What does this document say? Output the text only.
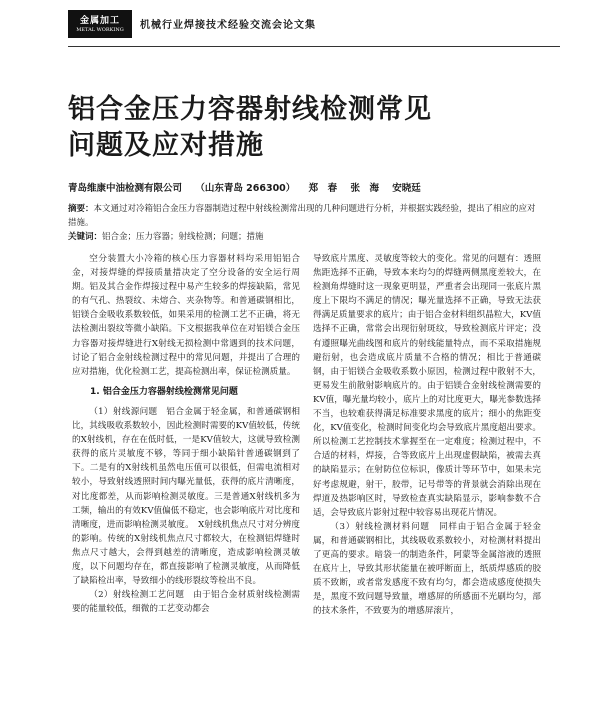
金属加工
METAL WORKING 机械行业焊接技术经验交流会论文集
铝合金压力容器射线检测常见
问题及应对措施
青岛维康中油检测有限公司 （山东青岛 266300） 郑　春 张　海 安晓廷
摘要：本文通过对冷箱铝合金压力容器制造过程中射线检测常出现的几种问题进行分析，并根据实践经验，提出了相应的应对措施。
关键词：铝合金；压力容器；射线检测；问题；措施

空分装置大小冷箱的核心压力容器材料均采用铝铝合金，对接焊缝的焊接质量措决定了空分设备的安全运行周期。铝及其合金作焊接过程中易产生较多的焊接缺陷，常见的有气孔、热裂纹、未熔合、夹杂物等。和普通碳钢相比，铝镁合金吸收系数较低，如果采用的检测工艺不正确，将无法检测出裂纹等微小缺陷。下文根据我单位在对铝镁合金压力容器对接焊缝进行X射线无损检测中常遇到的技术问题，讨论了铝合金射线检测过程中的常见问题，并提出了合理的应对措施，优化检测工艺，提高检测出率，保证检测质量。

1. 铝合金压力容器射线检测常见问题

（1）射线源问题　铝合金属于轻金属，和普通碳钢相比，其线吸收系数较小，因此检测时需要的KV值较低，传统的X射线机，存在在低时低，一是KV值较大，这就导致检测获得的底片灵敏度不够，等同于细小缺陷针普通碳钢到了下。二是有的X射线机虽然电压值可以很低，但需电流相对较小，导致射线透照时间内曝光量低，获得的底片清晰度，对比度都差，从而影响检测灵敏度。三是普通X射线机多为工频，输出的有效KV值偏低不稳定，也会影响底片对比度和清晰度，进而影响检测灵敏度。　X射线机焦点尺寸对分辨度的影响。传统的X射线机焦点尺寸都较大，在检测铝焊缝时焦点尺寸越大，会得到越差的清晰度，造成影响检测灵敏度，以下问题均存在，都直接影响了检测灵敏度，从而降低了缺陷检出率，导致细小的线形裂纹等检出不良。

（2）射线检测工艺问题　由于铝合金材质射线检测需要的能量较低，细微的工艺变动都会

导致底片黑度、灵敏度等较大的变化。常见的问题有：透照焦距选择不正确，导致本来均匀的焊缝两侧黑度差较大，在检测角焊缝时这一现象更明显，严重者会出现同一张底片黑度上下限均不满足的情况；曝光量选择不正确，导致无法获得满足质量要求的底片；由于铝合金材料组织晶粒大，KV值选择不正确，常常会出现衍射斑纹，导致检测底片评定；没有遵照曝光曲线图和底片的射线能量特点，而不采取措施规避衍射，也会造成底片质量不合格的情况；相比于普通碳钢，由于铝镁合金吸收系数小原因，检测过程中散射不大，更易发生前散射影响底片的。由于铝镁合金射线检测需要的KV值，曝光量均较小，底片上的对比度更大，曝光参数选择不当，也较难获得满足标准要求黑度的底片；细小的焦距变化，KV值变化，检测时间变化均会导致底片黑度超出要求。所以检测工艺控制技术掌握至在一定难度；检测过程中，不合适的材料，焊接，合等致底片上出现虚假缺陷，被需去真的缺陷显示；在射防位位标识，像质计等环节中，如果未完好考虑规避，射干，胶带，记号带等的背景就会消除出现在焊道及热影响区时，导致检查真实缺陷显示，影响参数不合适，会导致底片影射过程中较容易出现花片情况。

（3）射线检测材料问题　同样由于铝合金属于轻金属，和普通碳钢相比，其线吸收系数较小，对检测材料提出了更高的要求。暗袋一的制造条件，阿蒙等金属溶液的透照在底片上，导致其形状能量在被呼断面上，纸质焊感质的胶质不致断，或者常发感度不致有均匀，都会造成感度使损失是，黑度不致问题导致量，增感屏的所感面不光刷均匀，部的技术条件，不致要为的增感屏滚片，
